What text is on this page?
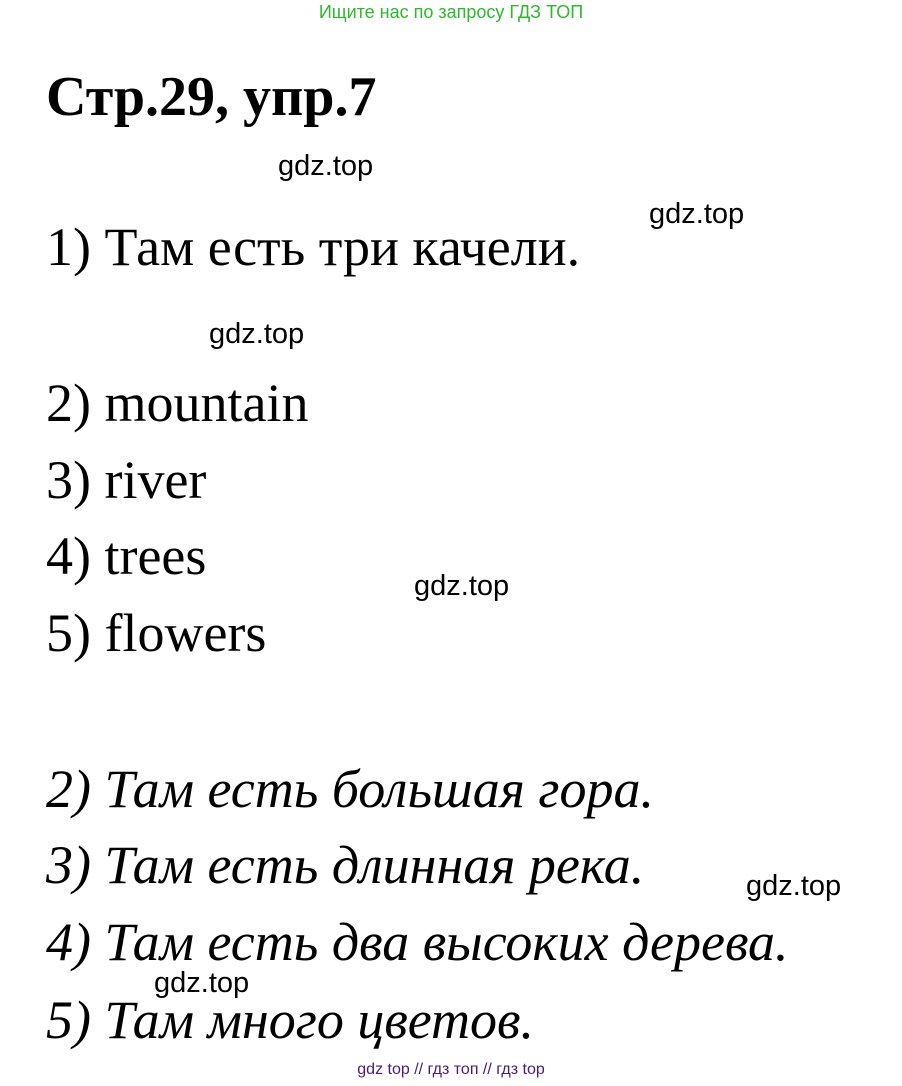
Ищите нас по запросу ГДЗ ТОП
Стр.29, упр.7
1) Там есть три качели.
2) mountain
3) river
4) trees
5) flowers
2) Там есть большая гора.
3) Там есть длинная река.
4) Там есть два высоких дерева.
5) Там много цветов.
gdz.top
gdz.top
gdz.top
gdz.top
gdz.top
gdz.top
gdz top // гдз топ // гдз top
